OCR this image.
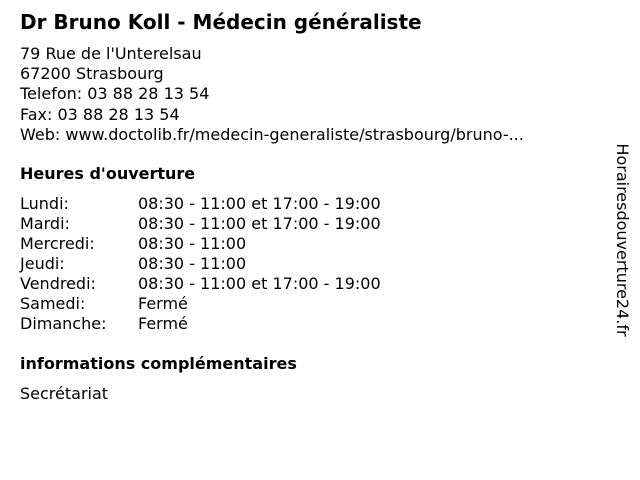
Dr Bruno Koll - Médecin généraliste
79 Rue de l'Unterelsau
67200 Strasbourg
Telefon: 03 88 28 13 54
Fax: 03 88 28 13 54
Web: www.doctolib.fr/medecin-generaliste/strasbourg/bruno-...
Heures d'ouverture
Lundi:	08:30 - 11:00 et 17:00 - 19:00
Mardi:	08:30 - 11:00 et 17:00 - 19:00
Mercredi:	08:30 - 11:00
Jeudi:	08:30 - 11:00
Vendredi:	08:30 - 11:00 et 17:00 - 19:00
Samedi:	Fermé
Dimanche: Fermé
informations complémentaires
Secrétariat
Horairesdouverture24.fr
